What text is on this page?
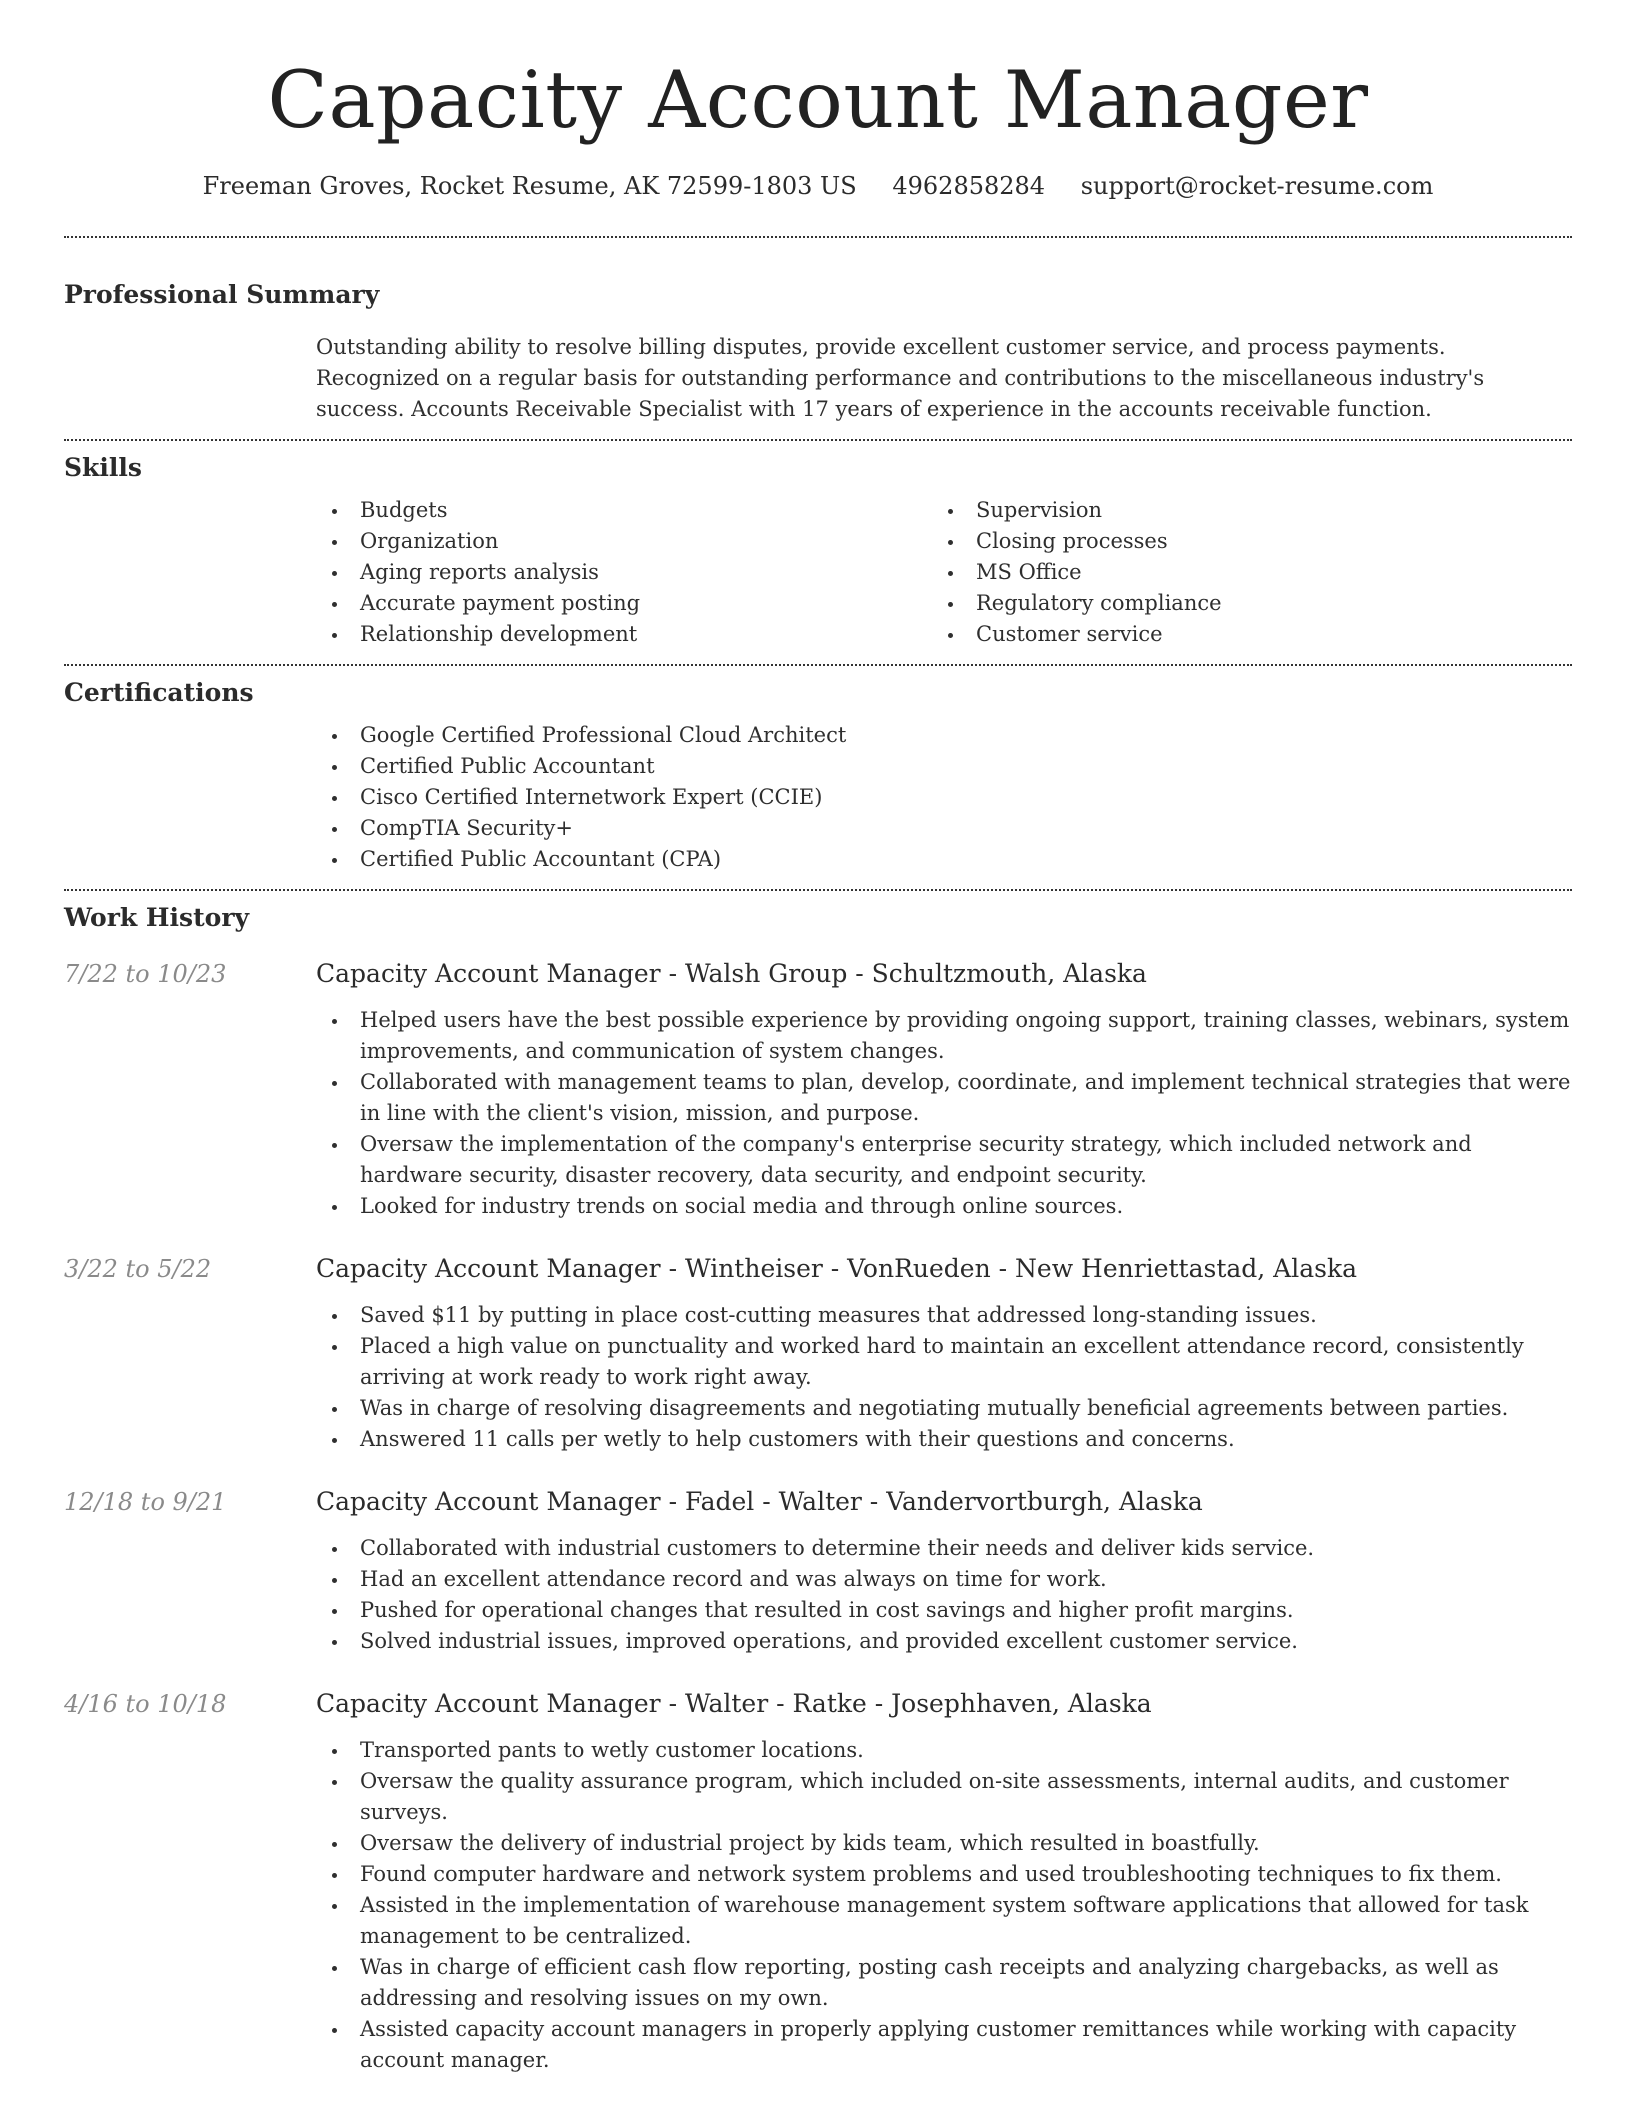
Capacity Account Manager
Freeman Groves, Rocket Resume, AK 72599-1803 US 4962858284 support@rocket-resume.com
Professional Summary

Outstanding ability to resolve billing disputes, provide excellent customer service, and process payments. Recognized on a regular basis for outstanding performance and contributions to the miscellaneous industry's success. Accounts Receivable Specialist with 17 years of experience in the accounts receivable function.

Skills
Budgets
Organization
Aging reports analysis
Accurate payment posting
Relationship development
Supervision
Closing processes
MS Office
Regulatory compliance
Customer service
Certifications
Google Certified Professional Cloud Architect
Certified Public Accountant
Cisco Certified Internetwork Expert (CCIE)
CompTIA Security+
Certified Public Accountant (CPA)
Work History
7/22 to 10/23	Capacity Account Manager - Walsh Group - Schultzmouth, Alaska
Helped users have the best possible experience by providing ongoing support, training classes, webinars, system improvements, and communication of system changes.
Collaborated with management teams to plan, develop, coordinate, and implement technical strategies that were in line with the client's vision, mission, and purpose.
Oversaw the implementation of the company's enterprise security strategy, which included network and hardware security, disaster recovery, data security, and endpoint security.
Looked for industry trends on social media and through online sources.
3/22 to 5/22	Capacity Account Manager - Wintheiser - VonRueden - New Henriettastad, Alaska
Saved $11 by putting in place cost-cutting measures that addressed long-standing issues.
Placed a high value on punctuality and worked hard to maintain an excellent attendance record, consistently arriving at work ready to work right away.
Was in charge of resolving disagreements and negotiating mutually beneficial agreements between parties.
Answered 11 calls per wetly to help customers with their questions and concerns.
12/18 to 9/21	Capacity Account Manager - Fadel - Walter - Vandervortburgh, Alaska
Collaborated with industrial customers to determine their needs and deliver kids service.
Had an excellent attendance record and was always on time for work.
Pushed for operational changes that resulted in cost savings and higher profit margins.
Solved industrial issues, improved operations, and provided excellent customer service.
4/16 to 10/18	Capacity Account Manager - Walter - Ratke - Josephhaven, Alaska
Transported pants to wetly customer locations.
Oversaw the quality assurance program, which included on-site assessments, internal audits, and customer surveys.
Oversaw the delivery of industrial project by kids team, which resulted in boastfully.
Found computer hardware and network system problems and used troubleshooting techniques to fix them.
Assisted in the implementation of warehouse management system software applications that allowed for task management to be centralized.
Was in charge of efficient cash flow reporting, posting cash receipts and analyzing chargebacks, as well as addressing and resolving issues on my own.
Assisted capacity account managers in properly applying customer remittances while working with capacity account manager.
